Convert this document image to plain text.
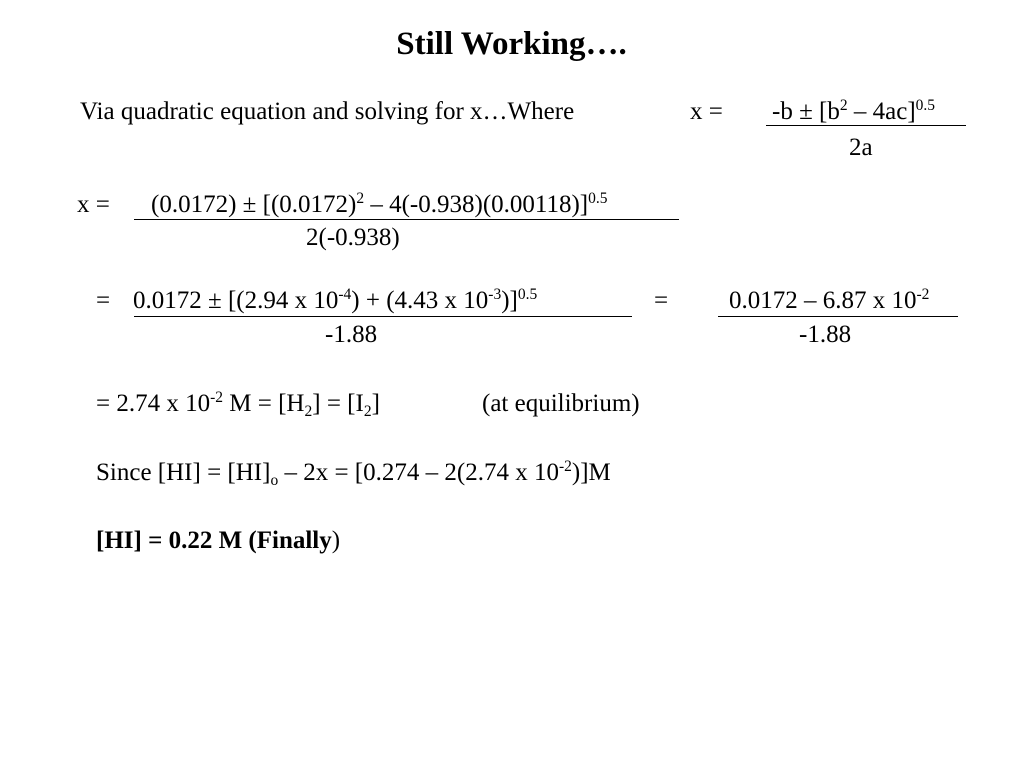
Still Working….
Via quadratic equation and solving for x…Where	$x = -b \pm [b^2 - 4ac]^{0.5}$
2a
$x = (0.0172) \pm [(0.0172)^2 - 4(-0.938)(0.00118)]^{0.5}$
2(-0.938)
= 0.0172 ± [(2.94 x $10^{-4}) + (4.43$ x $10^{-3})]^{0.5}$
-1.88
= 0.0172 – 6.87 x $10^{-2}$
-1.88
= 2.74 x $10^{-2}$ $M = [H_2] = [I_2]$	(at equilibrium)
Since $[HI] = [HI]_o - 2x = [0.274 - 2(2.74$ x $10^{-2})]M$
[HI] = 0.22 M (Finally)
